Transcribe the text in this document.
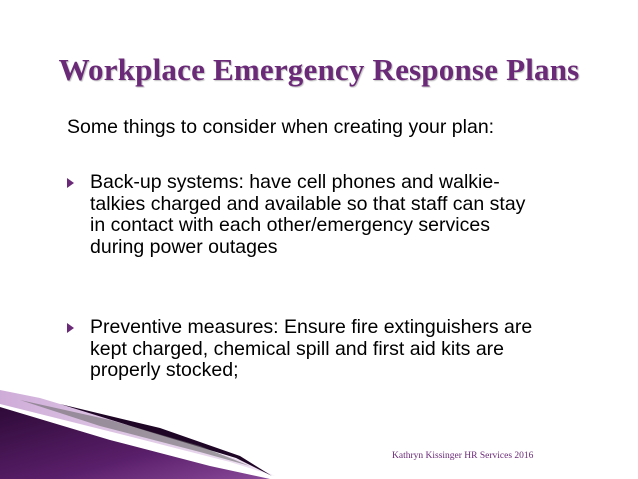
Workplace Emergency Response Plans
Some things to consider when creating your plan:
Back-up systems: have cell phones and walkie-
talkies charged and available so that staff can stay
in contact with each other/emergency services
during power outages
Preventive measures: Ensure fire extinguishers are
kept charged, chemical spill and first aid kits are
properly stocked;
Kathryn Kissinger HR Services 2016
